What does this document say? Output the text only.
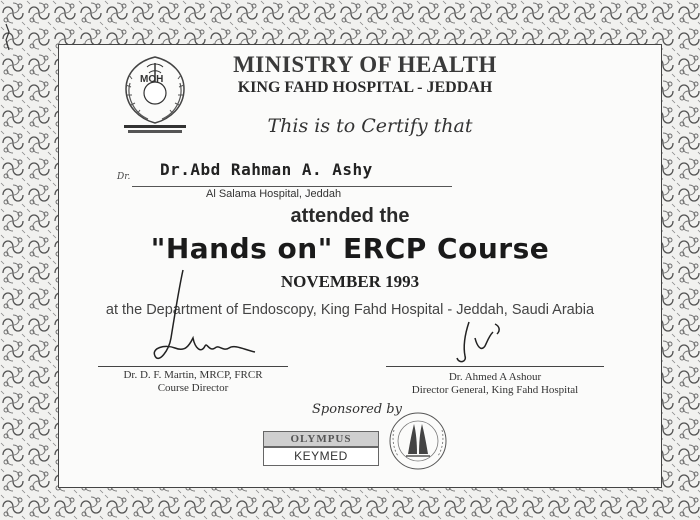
MOH
MINISTRY OF HEALTH
KING FAHD HOSPITAL - JEDDAH
This is to Certify that
Dr. Dr.Abd Rahman A. Ashy
Al Salama Hospital, Jeddah
attended the
"Hands on" ERCP Course
NOVEMBER 1993
at the Department of Endoscopy, King Fahd Hospital - Jeddah, Saudi Arabia
Dr. D. F. Martin, MRCP, FRCR
Course Director
Dr. Ahmed A Ashour
Director General, King Fahd Hospital
Sponsored by
OLYMPUS
KEYMED
